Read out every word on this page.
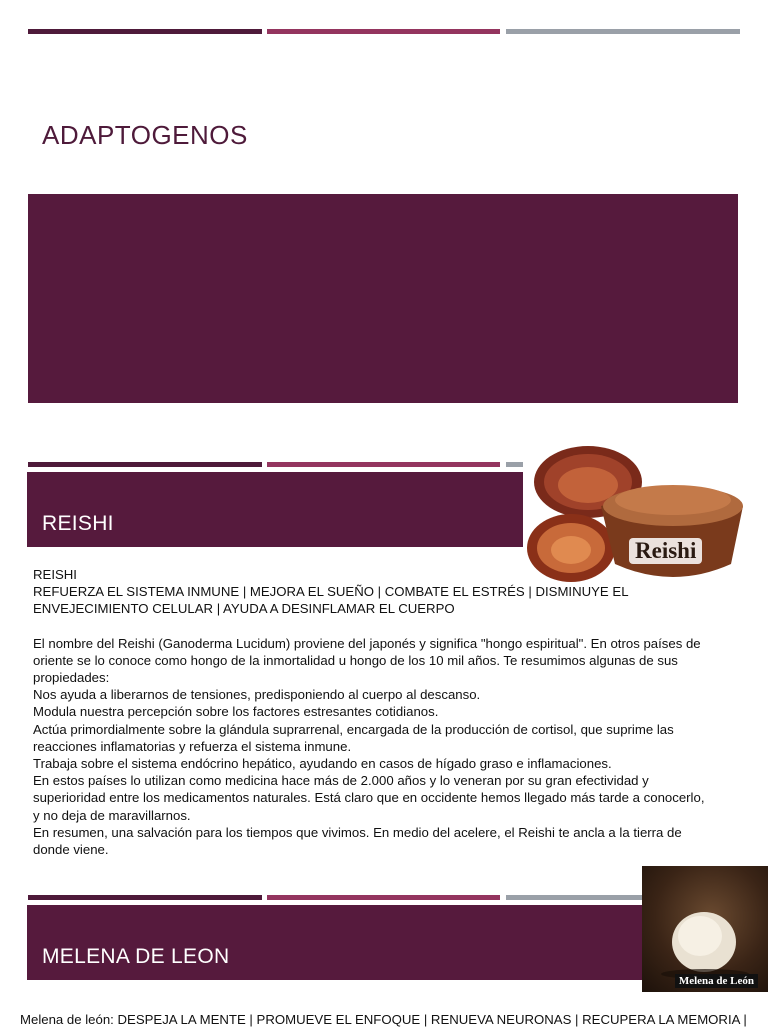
ADAPTOGENOS
REISHI
Reishi

REISHI

REFUERZA EL SISTEMA INMUNE | MEJORA EL SUEÑO | COMBATE EL ESTRÉS | DISMINUYE EL ENVEJECIMIENTO CELULAR | AYUDA A DESINFLAMAR EL CUERPO

El nombre del Reishi (Ganoderma Lucidum) proviene del japonés y significa "hongo espiritual". En otros países de oriente se lo conoce como hongo de la inmortalidad u hongo de los 10 mil años. Te resumimos algunas de sus propiedades:

Nos ayuda a liberarnos de tensiones, predisponiendo al cuerpo al descanso.

Modula nuestra percepción sobre los factores estresantes cotidianos.

Actúa primordialmente sobre la glándula suprarrenal, encargada de la producción de cortisol, que suprime las reacciones inflamatorias y refuerza el sistema inmune.

Trabaja sobre el sistema endócrino hepático, ayudando en casos de hígado graso e inflamaciones.

En estos países lo utilizan como medicina hace más de 2.000 años y lo veneran por su gran efectividad y superioridad entre los medicamentos naturales. Está claro que en occidente hemos llegado más tarde a conocerlo, y no deja de maravillarnos.

En resumen, una salvación para los tiempos que vivimos. En medio del acelere, el Reishi te ancla a la tierra de donde viene.

MELENA DE LEON
Melena de León
Melena de león: DESPEJA LA MENTE | PROMUEVE EL ENFOQUE | RENUEVA NEURONAS | RECUPERA LA MEMORIA |
